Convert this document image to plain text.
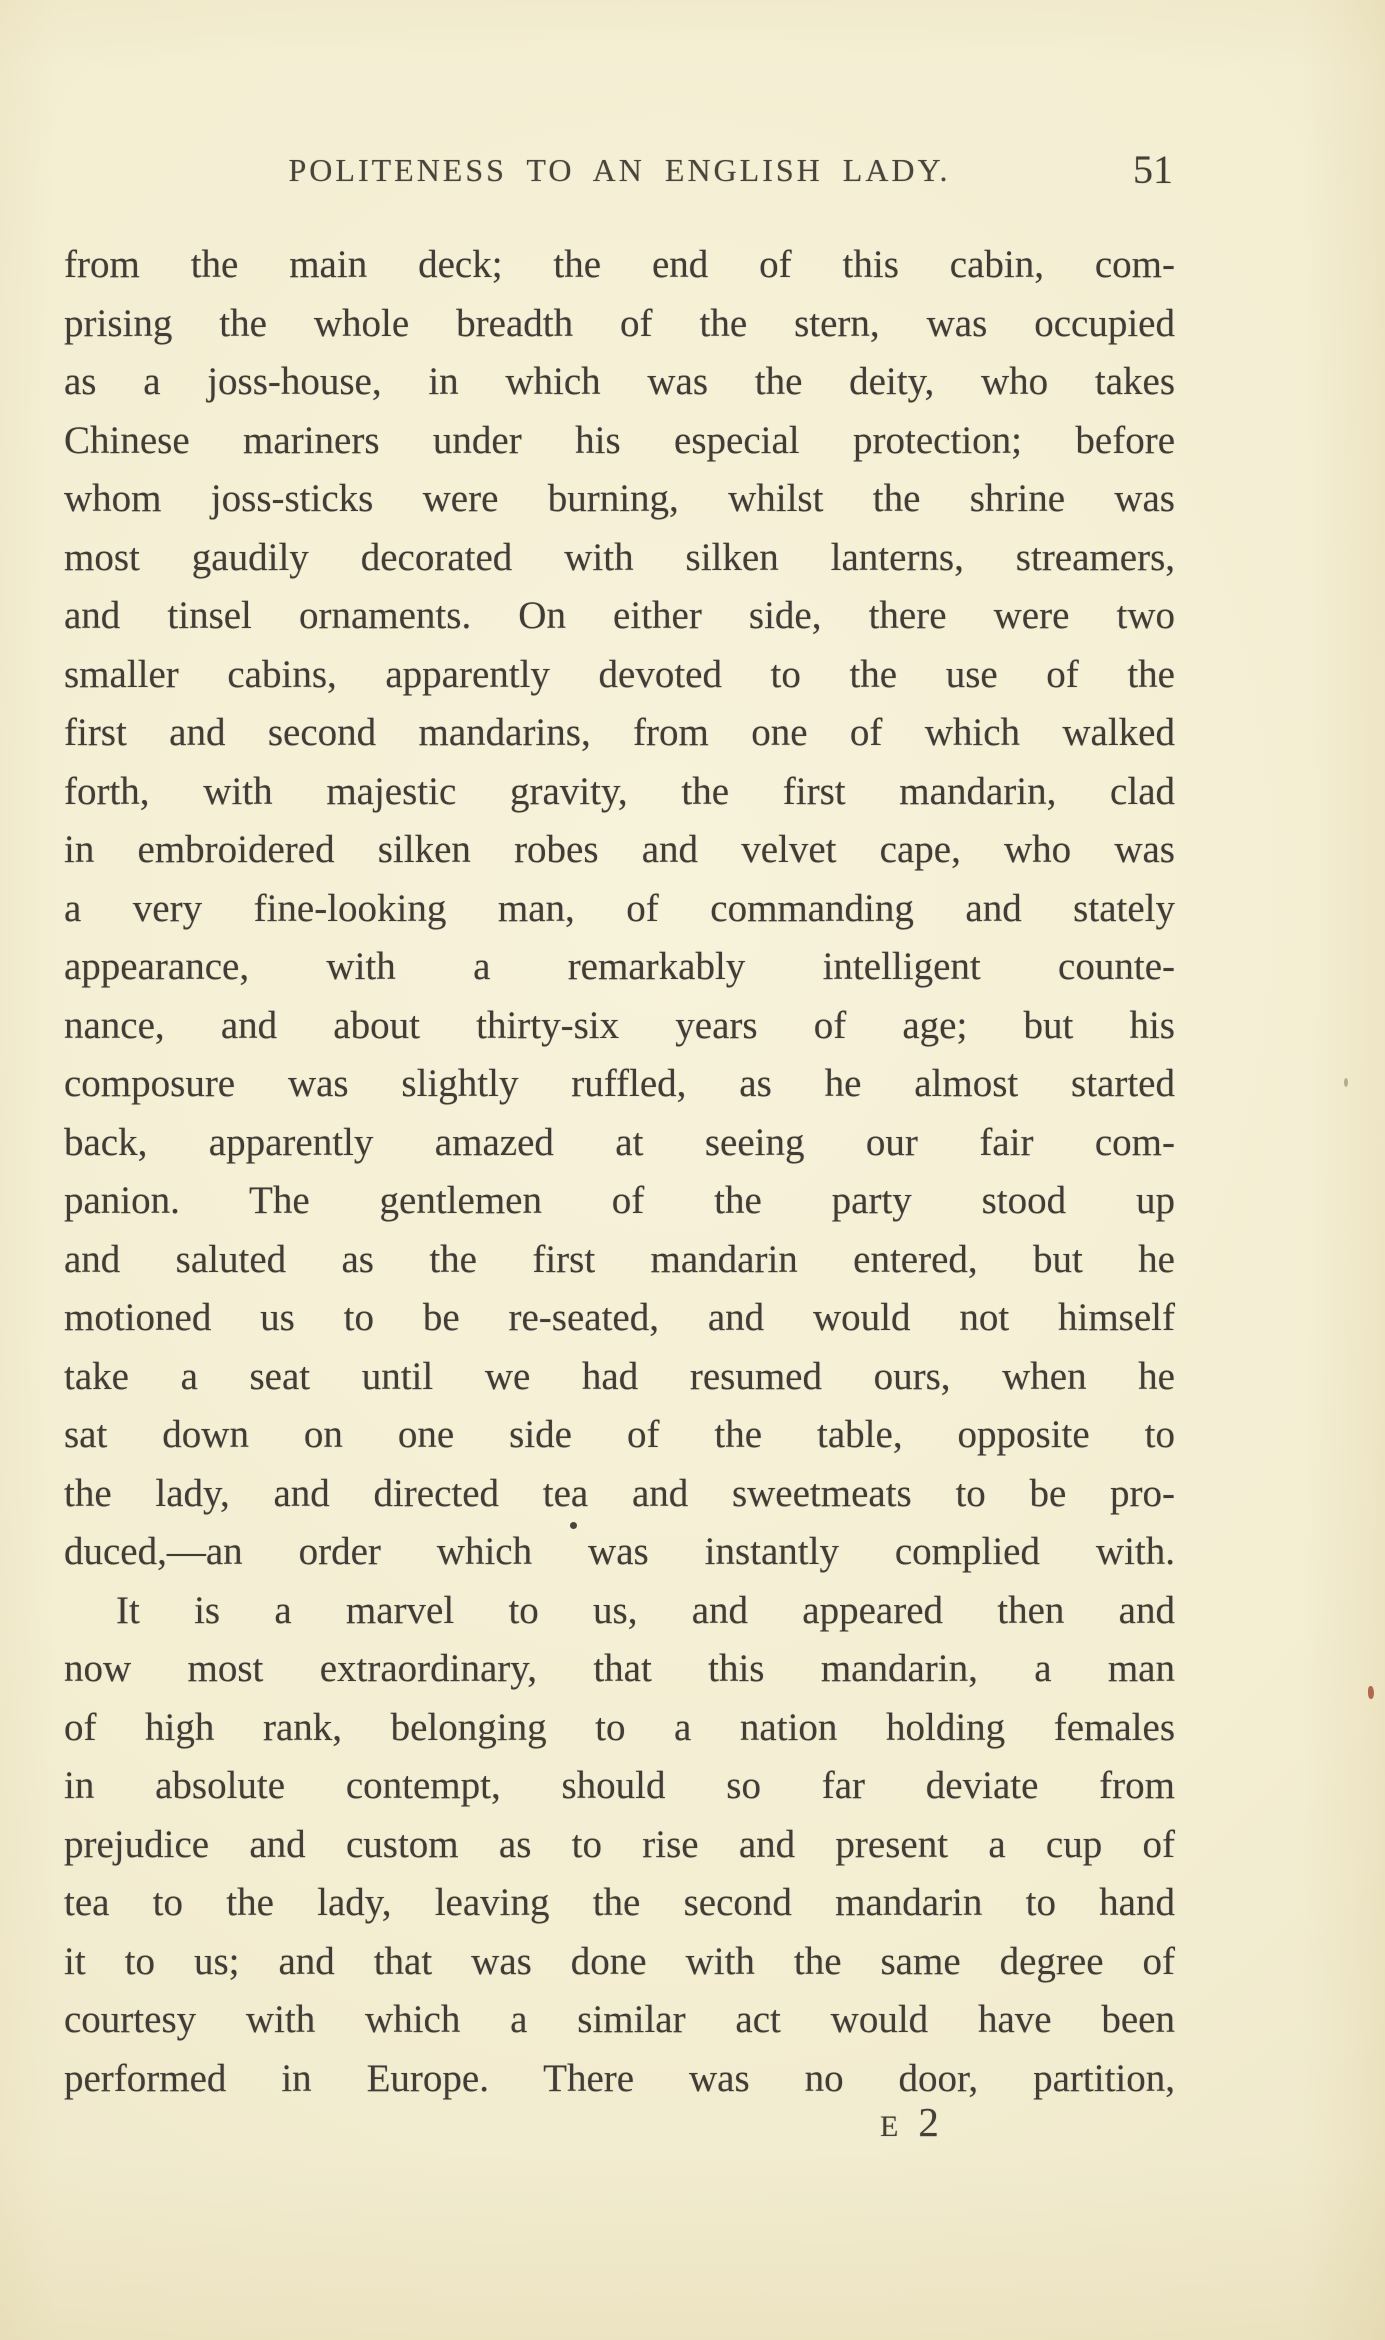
POLITENESS TO AN ENGLISH LADY.	51
from the main deck; the end of this cabin, com-
prising the whole breadth of the stern, was occupied
as a joss-house, in which was the deity, who takes
Chinese mariners under his especial protection; before
whom joss-sticks were burning, whilst the shrine was
most gaudily decorated with silken lanterns, streamers,
and tinsel ornaments. On either side, there were two
smaller cabins, apparently devoted to the use of the
first and second mandarins, from one of which walked
forth, with majestic gravity, the first mandarin, clad
in embroidered silken robes and velvet cape, who was
a very fine-looking man, of commanding and stately
appearance, with a remarkably intelligent counte-
nance, and about thirty-six years of age; but his
composure was slightly ruffled, as he almost started
back, apparently amazed at seeing our fair com-
panion. The gentlemen of the party stood up
and saluted as the first mandarin entered, but he
motioned us to be re-seated, and would not himself
take a seat until we had resumed ours, when he
sat down on one side of the table, opposite to
the lady, and directed tea and sweetmeats to be pro-
duced,—an order which was instantly complied with.
It is a marvel to us, and appeared then and
now most extraordinary, that this mandarin, a man
of high rank, belonging to a nation holding females
in absolute contempt, should so far deviate from
prejudice and custom as to rise and present a cup of
tea to the lady, leaving the second mandarin to hand
it to us; and that was done with the same degree of
courtesy with which a similar act would have been
performed in Europe. There was no door, partition,
E 2
